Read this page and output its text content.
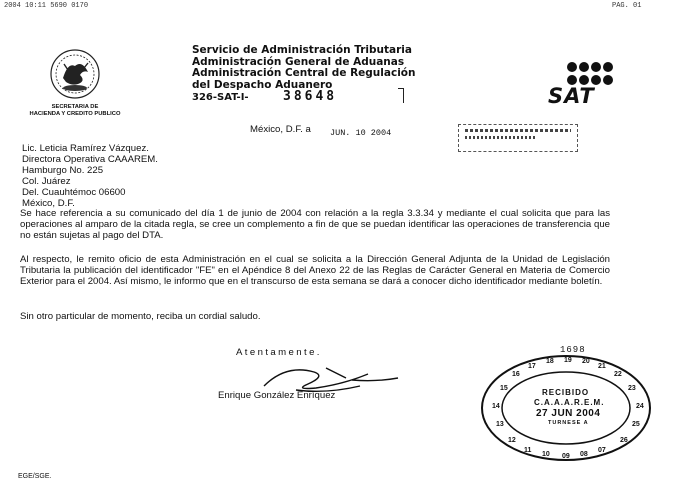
2004 10:11 5690 0170	PAG. 01
SECRETARIA DE
HACIENDA Y CREDITO PUBLICO
Servicio de Administración Tributaria
Administración General de Aduanas
Administración Central de Regulación
del Despacho Aduanero
326-SAT-I-	38648	SAT
México, D.F. a JUN. 10 2004
Lic. Leticia Ramírez Vázquez.
Directora Operativa CAAAREM.
Hamburgo No. 225
Col. Juárez
Del. Cuauhtémoc 06600
México, D.F.

Se hace referencia a su comunicado del día 1 de junio de 2004 con relación a la regla 3.3.34 y mediante el cual solicita que para las operaciones al amparo de la citada regla, se cree un complemento a fin de que se puedan identificar las operaciones de transferencia que no están sujetas al pago del DTA.

Al respecto, le remito oficio de esta Administración en el cual se solicita a la Dirección General Adjunta de la Unidad de Legislación Tributaria la publicación del identificador "FE" en el Apéndice 8 del Anexo 22 de las Reglas de Carácter General en Materia de Comercio Exterior para el 2004. Así mismo, le informo que en el transcurso de esta semana se dará a conocer dicho identificador mediante boletín.

Sin otro particular de momento, reciba un cordial saludo.

Atentamente.
Enrique González Enríquez
EGE/SGE.
1698
15
16
17
18 19 20
21
22
23
14	24
13	25
12	26
11
10 09 08
07
RECIBIDO
C.A.A.A.R.E.M.
27 JUN 2004
TURNESE A
